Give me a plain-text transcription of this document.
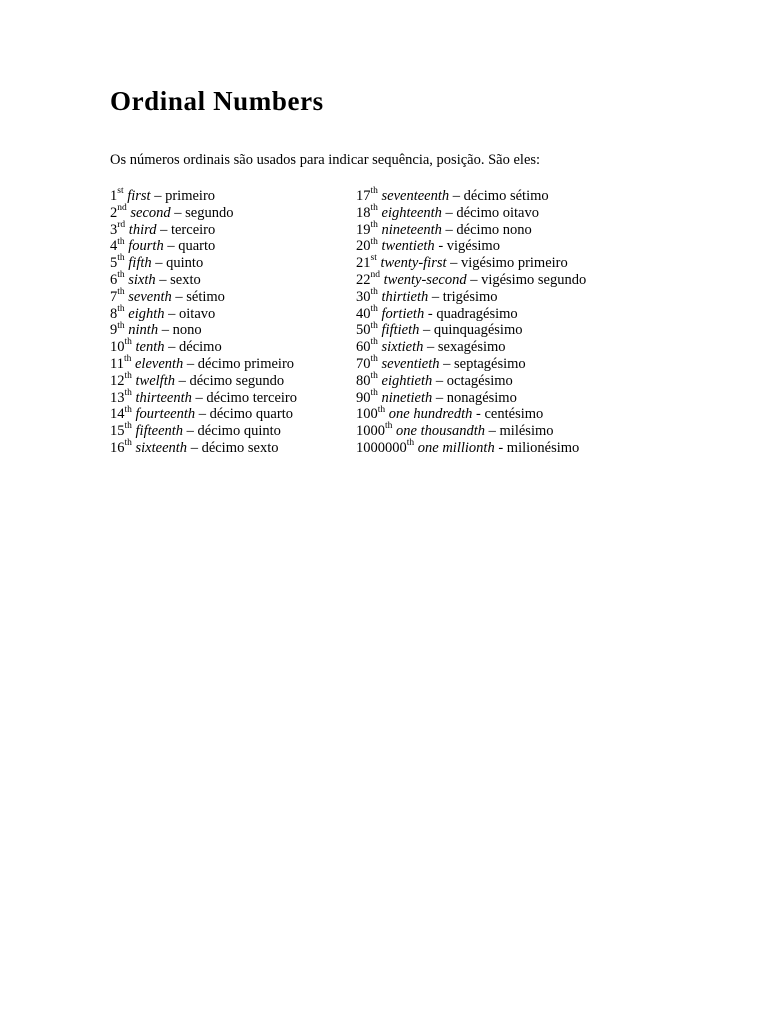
Ordinal Numbers

Os números ordinais são usados para indicar sequência, posição. São eles:

1st first – primeiro
2nd second – segundo
3rd third – terceiro
4th fourth – quarto
5th fifth – quinto
6th sixth – sexto
7th seventh – sétimo
8th eighth – oitavo
9th ninth – nono
10th tenth – décimo
11th eleventh – décimo primeiro
12th twelfth – décimo segundo
13th thirteenth – décimo terceiro
14th fourteenth – décimo quarto
15th fifteenth – décimo quinto
16th sixteenth – décimo sexto
17th seventeenth – décimo sétimo
18th eighteenth – décimo oitavo
19th nineteenth – décimo nono
20th twentieth - vigésimo
21st twenty-first – vigésimo primeiro
22nd twenty-second – vigésimo segundo
30th thirtieth – trigésimo
40th fortieth - quadragésimo
50th fiftieth – quinquagésimo
60th sixtieth – sexagésimo
70th seventieth – septagésimo
80th eightieth – octagésimo
90th ninetieth – nonagésimo
100th one hundredth - centésimo
1000th one thousandth – milésimo
1000000th one millionth - milionésimo
